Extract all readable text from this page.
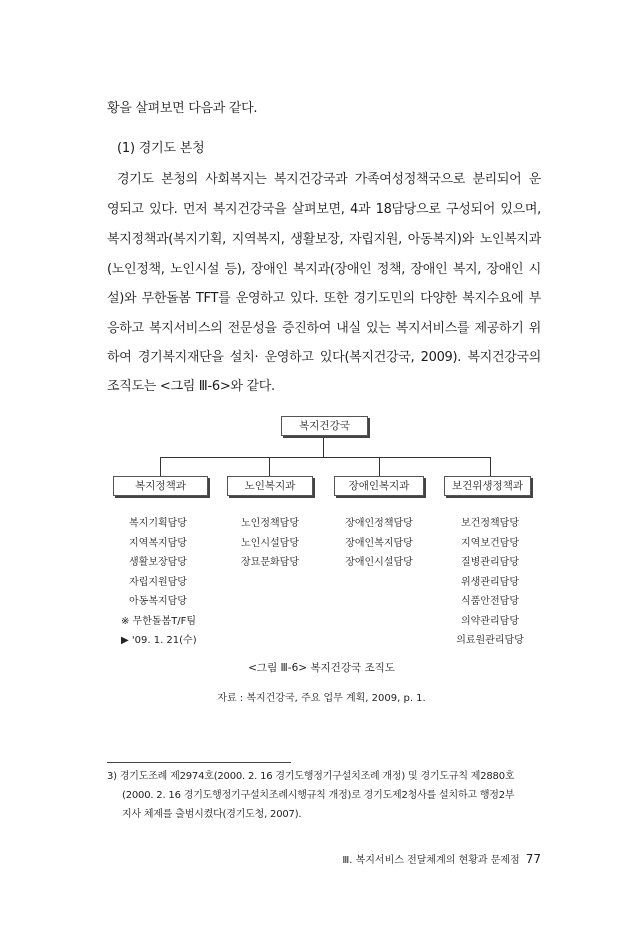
황을 살펴보면 다음과 같다.
(1) 경기도 본청
경기도 본청의 사회복지는 복지건강국과 가족여성정책국으로 분리되어 운
영되고 있다. 먼저 복지건강국을 살펴보면, 4과 18담당으로 구성되어 있으며,
복지정책과(복지기획, 지역복지, 생활보장, 자립지원, 아동복지)와 노인복지과
(노인정책, 노인시설 등), 장애인 복지과(장애인 정책, 장애인 복지, 장애인 시
설)와 무한돌봄 TFT를 운영하고 있다. 또한 경기도민의 다양한 복지수요에 부
응하고 복지서비스의 전문성을 증진하여 내실 있는 복지서비스를 제공하기 위
하여 경기복지재단을 설치· 운영하고 있다(복지건강국, 2009). 복지건강국의
조직도는 <그림 Ⅲ-6>와 같다.
복지건강국
복지정책과	노인복지과	장애인복지과	보건위생정책과
복지기획담당
지역복지담당
생활보장담당
자립지원담당
아동복지담당
※ 무한돌봄T/F팀
▶ '09. 1. 21(수)
노인정책담당
노인시설담당
장묘문화담당
장애인정책담당
장애인복지담당
장애인시설담당
보건정책담당
지역보건담당
질병관리담당
위생관리담당
식품안전담당
의약관리담당
의료원관리담당
<그림 Ⅲ-6> 복지건강국 조직도
자료 : 복지건강국, 주요 업무 계획, 2009, p. 1.
3) 경기도조례 제2974호(2000. 2. 16 경기도행정기구설치조례 개정) 및 경기도규칙 제2880호
(2000. 2. 16 경기도행정기구설치조례시행규칙 개정)로 경기도제2청사를 설치하고 행정2부
지사 체제를 출범시켰다(경기도청, 2007).
Ⅲ. 복지서비스 전달체계의 현황과 문제점 77
